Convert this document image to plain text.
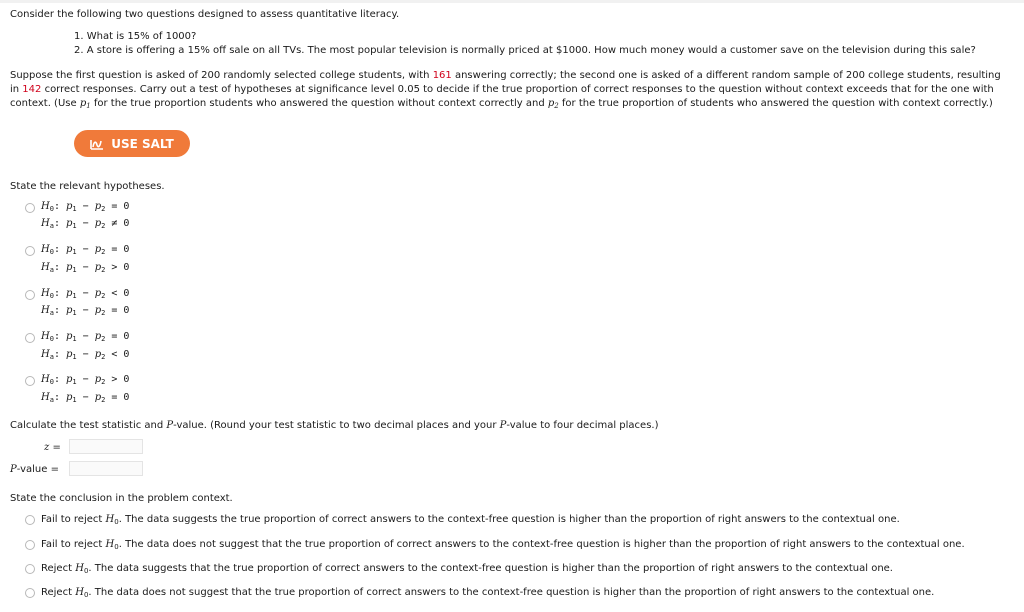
Consider the following two questions designed to assess quantitative literacy.
1. What is 15% of 1000?
2. A store is offering a 15% off sale on all TVs. The most popular television is normally priced at $1000. How much money would a customer save on the television during this sale?
Suppose the first question is asked of 200 randomly selected college students, with 161 answering correctly; the second one is asked of a different random sample of 200 college students, resulting
in 142 correct responses. Carry out a test of hypotheses at significance level 0.05 to decide if the true proportion of correct responses to the question without context exceeds that for the one with
context. (Use $p_1$ for the true proportion students who answered the question without context correctly and $p_2$ for the true proportion of students who answered the question with context correctly.)
USE SALT
State the relevant hypotheses.
$H_0$: $p_1 - p_2 = 0$
$H_a$: $p_1 - p_2 \ne 0$
$H_0$: $p_1 - p_2 = 0$
$H_a$: $p_1 - p_2 > 0$
$H_0$: $p_1 - p_2 < 0$
$H_a$: $p_1 - p_2 = 0$
$H_0$: $p_1 - p_2 = 0$
$H_a$: $p_1 - p_2 < 0$
$H_0$: $p_1 - p_2 > 0$
$H_a$: $p_1 - p_2 = 0$
Calculate the test statistic and P-value. (Round your test statistic to two decimal places and your P-value to four decimal places.)
z =
P-value =
State the conclusion in the problem context.
Fail to reject $H_0$. The data suggests the true proportion of correct answers to the context-free question is higher than the proportion of right answers to the contextual one.
Fail to reject $H_0$. The data does not suggest that the true proportion of correct answers to the context-free question is higher than the proportion of right answers to the contextual one.
Reject $H_0$. The data suggests that the true proportion of correct answers to the context-free question is higher than the proportion of right answers to the contextual one.
Reject $H_0$. The data does not suggest that the true proportion of correct answers to the context-free question is higher than the proportion of right answers to the contextual one.
